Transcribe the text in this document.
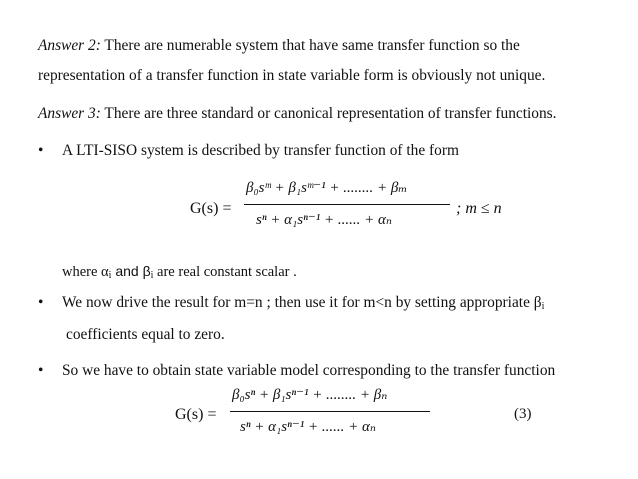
Answer 2: There are numerable system that have same transfer function so the
representation of a transfer function in state variable form is obviously not unique.
Answer 3: There are three standard or canonical representation of transfer functions.
• A LTI-SISO system is described by transfer function of the form
G(s) =
β₀sᵐ + β₁sᵐ⁻¹ + ........ + βₘ
sⁿ + α₁sⁿ⁻¹ + ...... + αₙ
; m ≤ n
where $\alpha_i$ and $\beta_i$ are real constant scalar .
• We now drive the result for m=n ; then use it for m<n by setting appropriate $\beta_i$
coefficients equal to zero.
• So we have to obtain state variable model corresponding to the transfer function
G(s) =
β₀sⁿ + β₁sⁿ⁻¹ + ........ + βₙ
sⁿ + α₁sⁿ⁻¹ + ...... + αₙ
(3)
